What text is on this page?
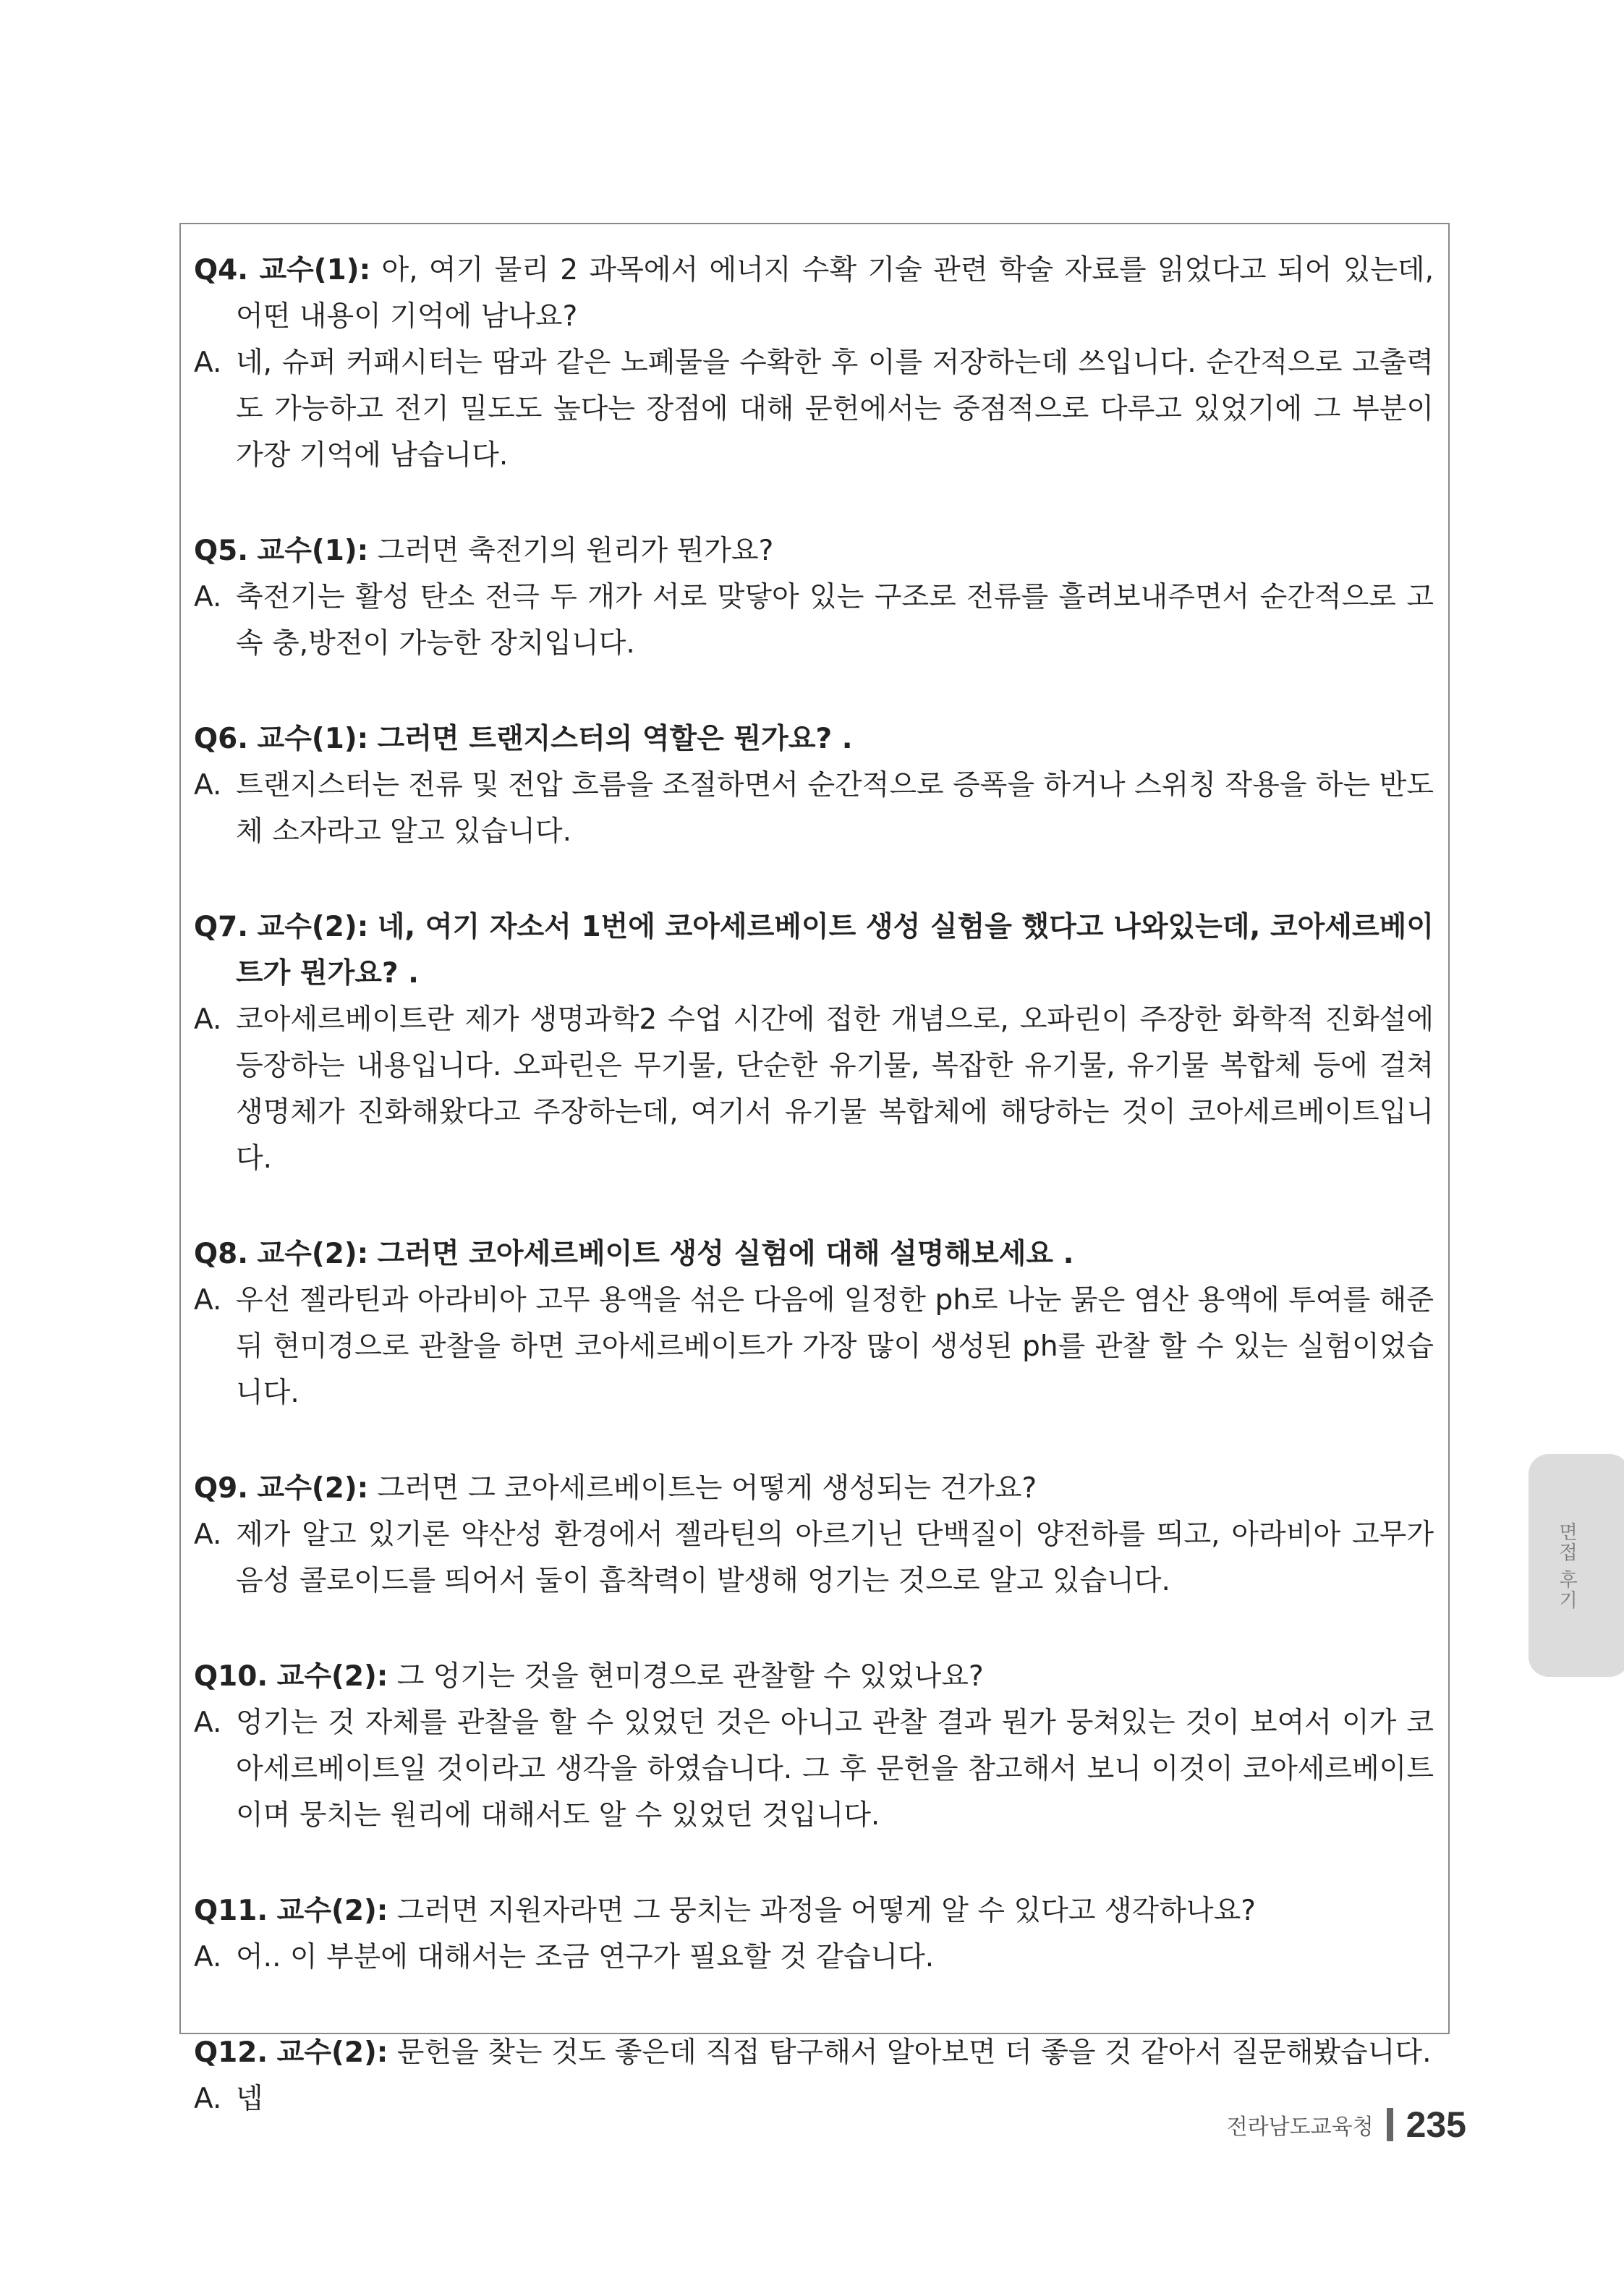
Q4. 교수(1): 아, 여기 물리 2 과목에서 에너지 수확 기술 관련 학술 자료를 읽었다고 되어 있는데, 어떤 내용이 기억에 남나요?

A. 네, 슈퍼 커패시터는 땀과 같은 노폐물을 수확한 후 이를 저장하는데 쓰입니다. 순간적으로 고출력도 가능하고 전기 밀도도 높다는 장점에 대해 문헌에서는 중점적으로 다루고 있었기에 그 부분이 가장 기억에 남습니다.

Q5. 교수(1): 그러면 축전기의 원리가 뭔가요?

A. 축전기는 활성 탄소 전극 두 개가 서로 맞닿아 있는 구조로 전류를 흘려보내주면서 순간적으로 고속 충,방전이 가능한 장치입니다.

Q6. 교수(1): 그러면 트랜지스터의 역할은 뭔가요? .

A. 트랜지스터는 전류 및 전압 흐름을 조절하면서 순간적으로 증폭을 하거나 스위칭 작용을 하는 반도체 소자라고 알고 있습니다.

Q7. 교수(2): 네, 여기 자소서 1번에 코아세르베이트 생성 실험을 했다고 나와있는데, 코아세르베이트가 뭔가요? .

A. 코아세르베이트란 제가 생명과학2 수업 시간에 접한 개념으로, 오파린이 주장한 화학적 진화설에 등장하는 내용입니다. 오파린은 무기물, 단순한 유기물, 복잡한 유기물, 유기물 복합체 등에 걸쳐 생명체가 진화해왔다고 주장하는데, 여기서 유기물 복합체에 해당하는 것이 코아세르베이트입니다.

Q8. 교수(2): 그러면 코아세르베이트 생성 실험에 대해 설명해보세요 .

A. 우선 젤라틴과 아라비아 고무 용액을 섞은 다음에 일정한 ph로 나눈 묽은 염산 용액에 투여를 해준 뒤 현미경으로 관찰을 하면 코아세르베이트가 가장 많이 생성된 ph를 관찰 할 수 있는 실험이었습니다.

Q9. 교수(2): 그러면 그 코아세르베이트는 어떻게 생성되는 건가요?

A. 제가 알고 있기론 약산성 환경에서 젤라틴의 아르기닌 단백질이 양전하를 띄고, 아라비아 고무가 음성 콜로이드를 띄어서 둘이 흡착력이 발생해 엉기는 것으로 알고 있습니다.

Q10. 교수(2): 그 엉기는 것을 현미경으로 관찰할 수 있었나요?

A. 엉기는 것 자체를 관찰을 할 수 있었던 것은 아니고 관찰 결과 뭔가 뭉쳐있는 것이 보여서 이가 코아세르베이트일 것이라고 생각을 하였습니다. 그 후 문헌을 참고해서 보니 이것이 코아세르베이트이며 뭉치는 원리에 대해서도 알 수 있었던 것입니다.

Q11. 교수(2): 그러면 지원자라면 그 뭉치는 과정을 어떻게 알 수 있다고 생각하나요?

A. 어.. 이 부분에 대해서는 조금 연구가 필요할 것 같습니다.

Q12. 교수(2): 문헌을 찾는 것도 좋은데 직접 탐구해서 알아보면 더 좋을 것 같아서 질문해봤습니다.

A. 넵

면접 후기
전라남도교육청 235
